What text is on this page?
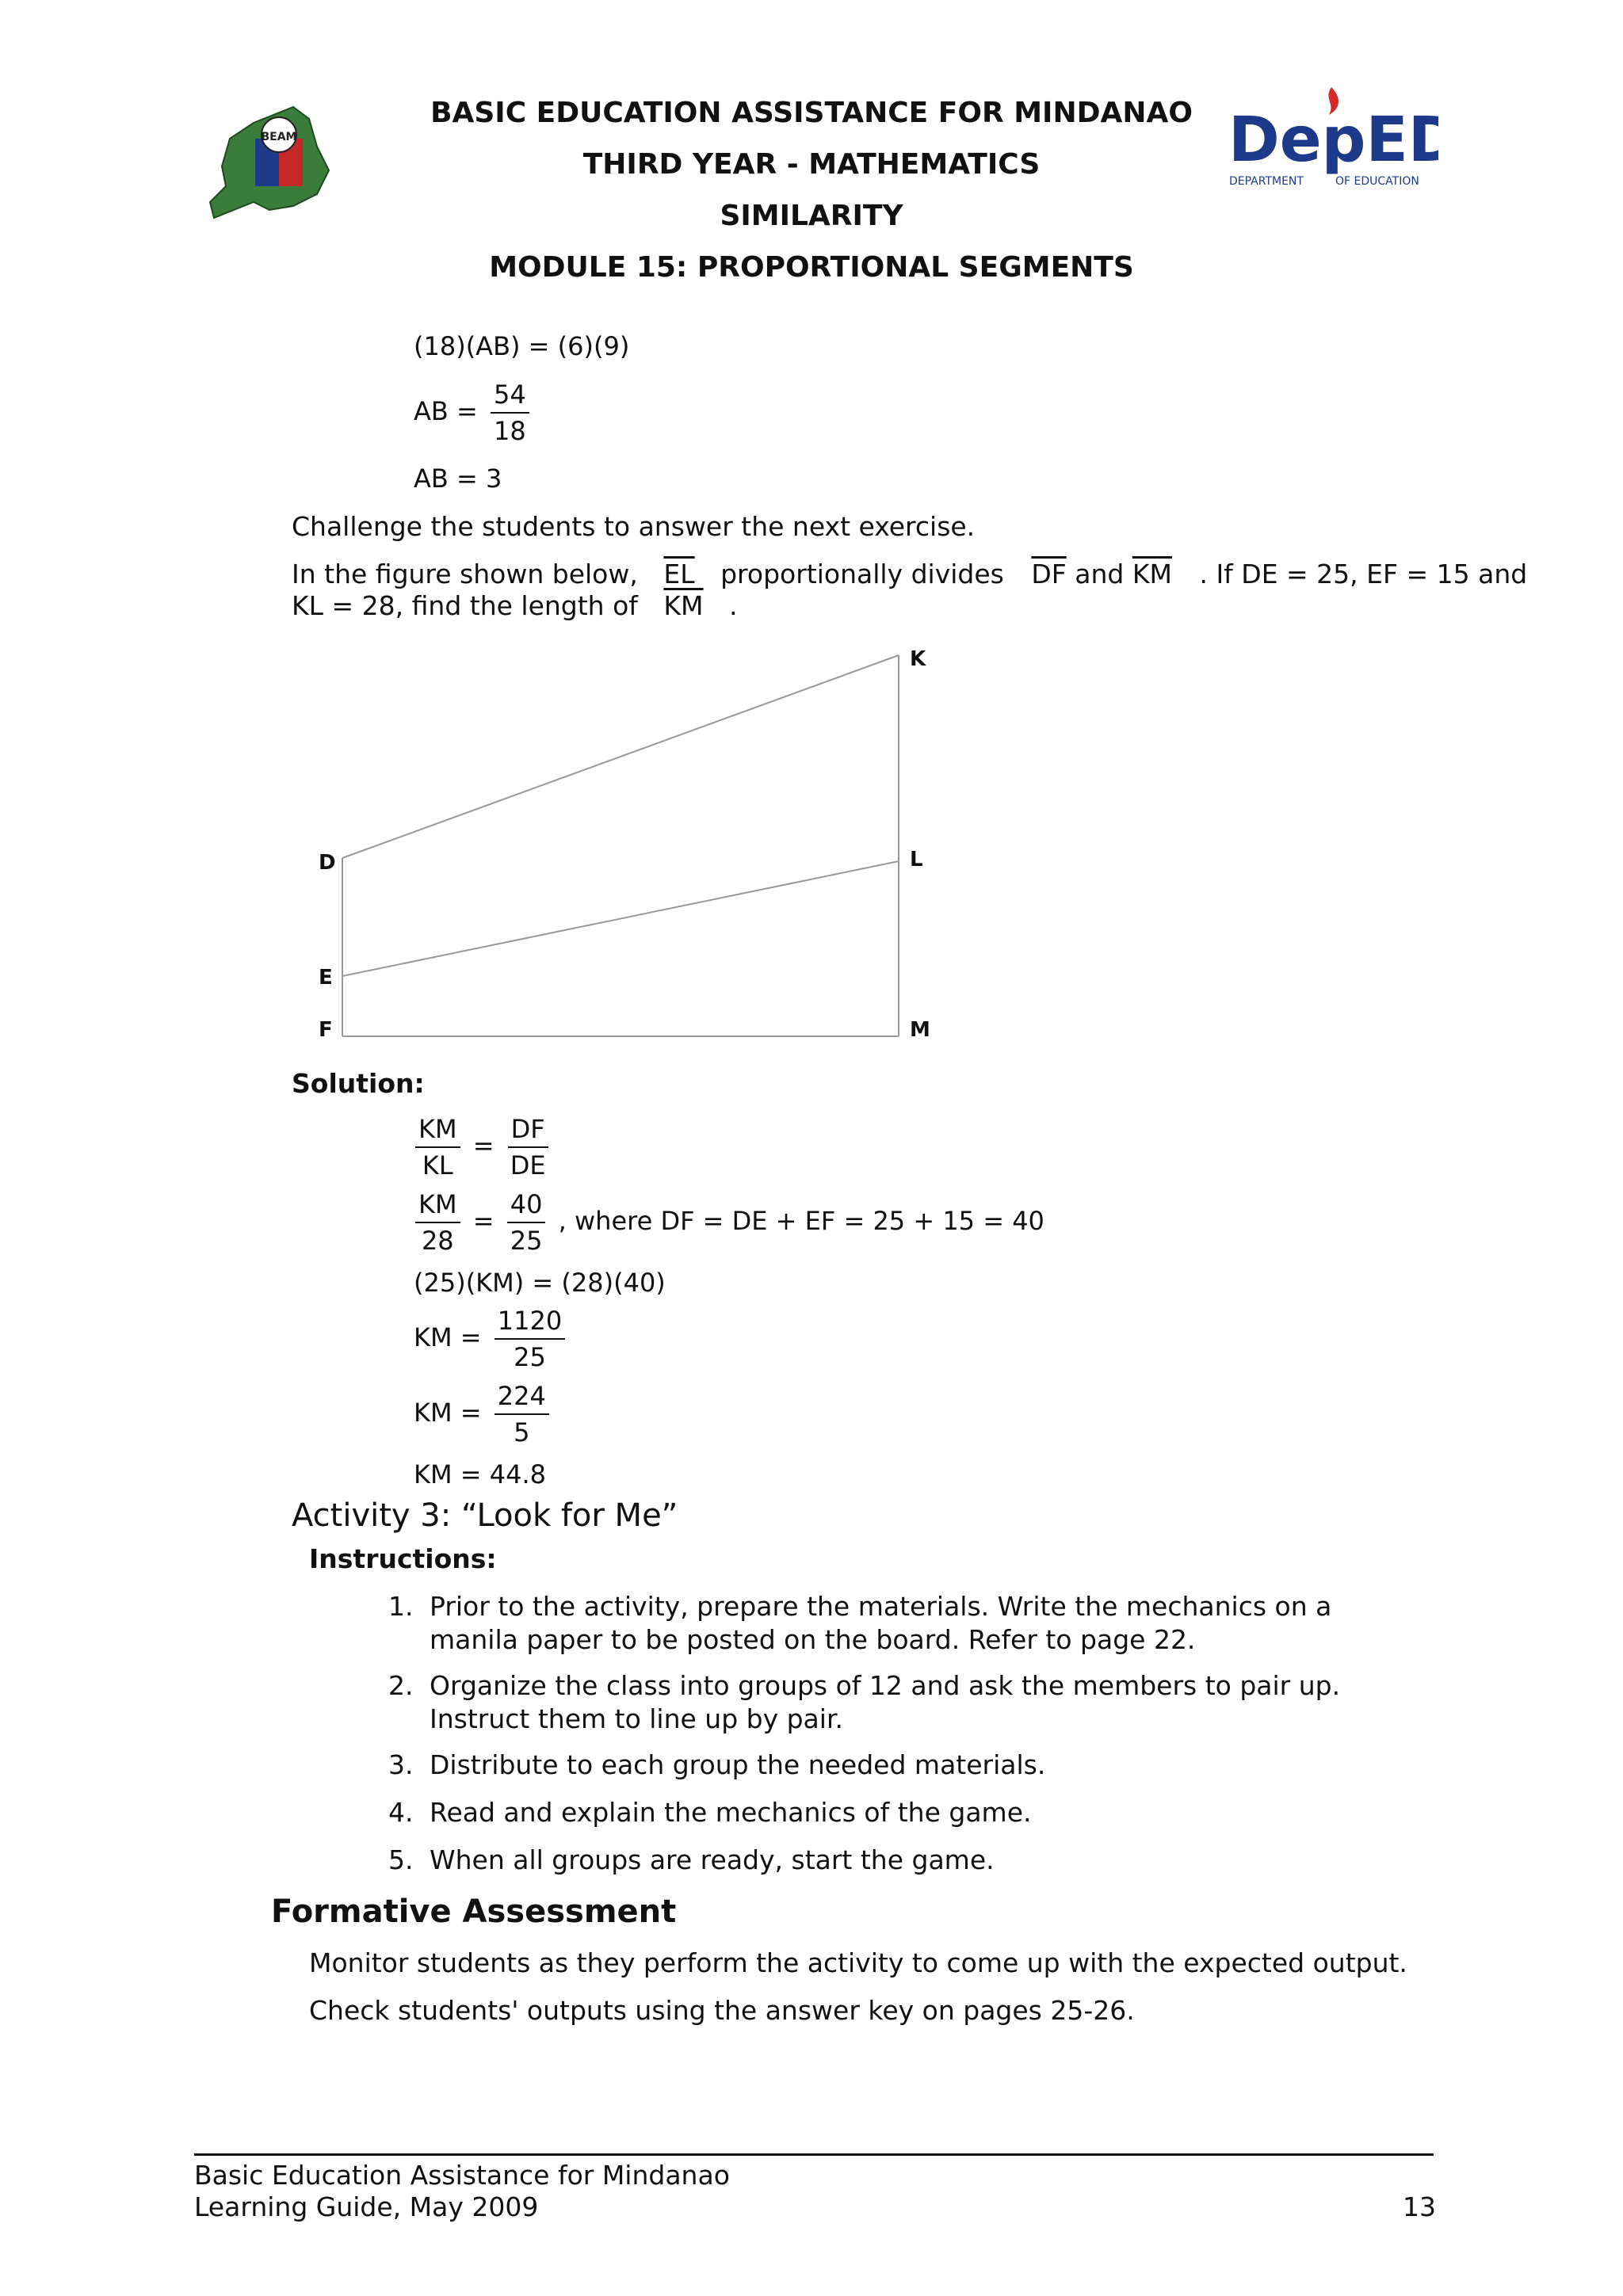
BEAM	DepED
DEPARTMENT	OF EDUCATION
BASIC EDUCATION ASSISTANCE FOR MINDANAO
THIRD YEAR - MATHEMATICS
SIMILARITY
MODULE 15: PROPORTIONAL SEGMENTS
(18)(AB) = (6)(9)
AB = $\frac{54}{18}$
AB = 3
Challenge the students to answer the next exercise.
In the figure shown below, $\overline{EL}$ proportionally divides $\overline{DF}$ and $\overline{KM}$ . If DE = 25, EF = 15 and
KL = 28, find the length of $\overline{KM}$ .
K
L
M
D
E
F
Solution:
$\frac{KM}{KL} = \frac{DF}{DE}$
$\frac{KM}{28} = \frac{40}{25}$ , where DF = DE + EF = 25 + 15 = 40
(25)(KM) = (28)(40)
KM = $\frac{1120}{25}$
KM = $\frac{224}{5}$
KM = 44.8
Activity 3: “Look for Me”
Instructions:
1. Prior to the activity, prepare the materials. Write the mechanics on a manila paper to be posted on the board. Refer to page 22.
2. Organize the class into groups of 12 and ask the members to pair up. Instruct them to line up by pair.
3. Distribute to each group the needed materials.
4. Read and explain the mechanics of the game.
5. When all groups are ready, start the game.
Formative Assessment
Monitor students as they perform the activity to come up with the expected output.
Check students' outputs using the answer key on pages 25-26.
Basic Education Assistance for Mindanao
Learning Guide, May 2009	13
